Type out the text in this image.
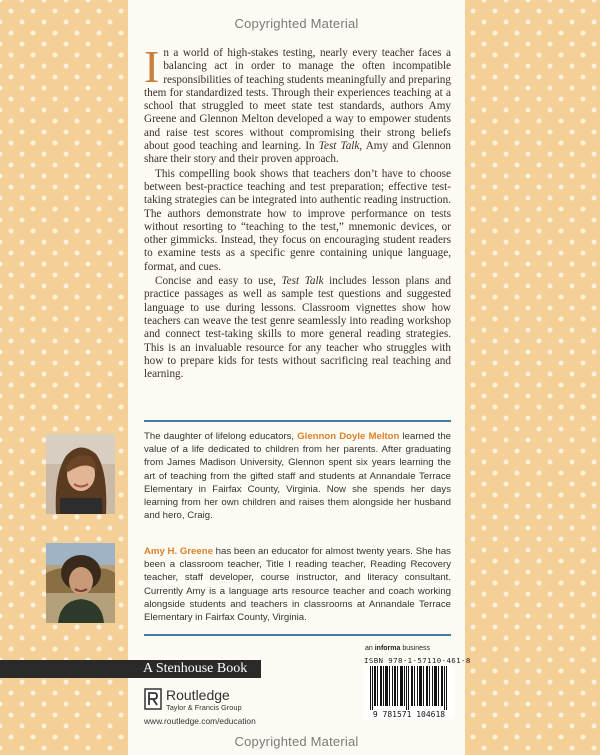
Copyrighted Material

In a world of high-stakes testing, nearly every teacher faces a balancing act in order to manage the often incompatible responsibilities of teaching students meaningfully and preparing them for standardized tests. Through their experiences teaching at a school that struggled to meet state test standards, authors Amy Greene and Glennon Melton developed a way to empower students and raise test scores without compromising their strong beliefs about good teaching and learning. In Test Talk, Amy and Glennon share their story and their proven approach.

This compelling book shows that teachers don’t have to choose between best-practice teaching and test preparation; effective test-taking strategies can be integrated into authentic reading instruction. The authors demonstrate how to improve performance on tests without resorting to “teaching to the test,” mnemonic devices, or other gimmicks. Instead, they focus on encouraging student readers to examine tests as a specific genre containing unique language, format, and cues.

Concise and easy to use, Test Talk includes lesson plans and practice passages as well as sample test questions and suggested language to use during lessons. Classroom vignettes show how teachers can weave the test genre seamlessly into reading workshop and connect test-taking skills to more general reading strategies. This is an invaluable resource for any teacher who struggles with how to prepare kids for tests without sacrificing real teaching and learning.

The daughter of lifelong educators, Glennon Doyle Melton learned the value of a life dedicated to children from her parents. After graduating from James Madison University, Glennon spent six years learning the art of teaching from the gifted staff and students at Annandale Terrace Elementary in Fairfax County, Virginia. Now she spends her days learning from her own children and raises them alongside her husband and hero, Craig.
Amy H. Greene has been an educator for almost twenty years. She has been a classroom teacher, Title I reading teacher, Reading Recovery teacher, staff developer, course instructor, and literacy consultant. Currently Amy is a language arts resource teacher and coach working alongside students and teachers in classrooms at Annandale Terrace Elementary in Fairfax County, Virginia.
A Stenhouse Book
an informa business
ISBN 978-1-57110-461-8
9 781571 104618
Routledge
Taylor & Francis Group
www.routledge.com/education
Copyrighted Material
